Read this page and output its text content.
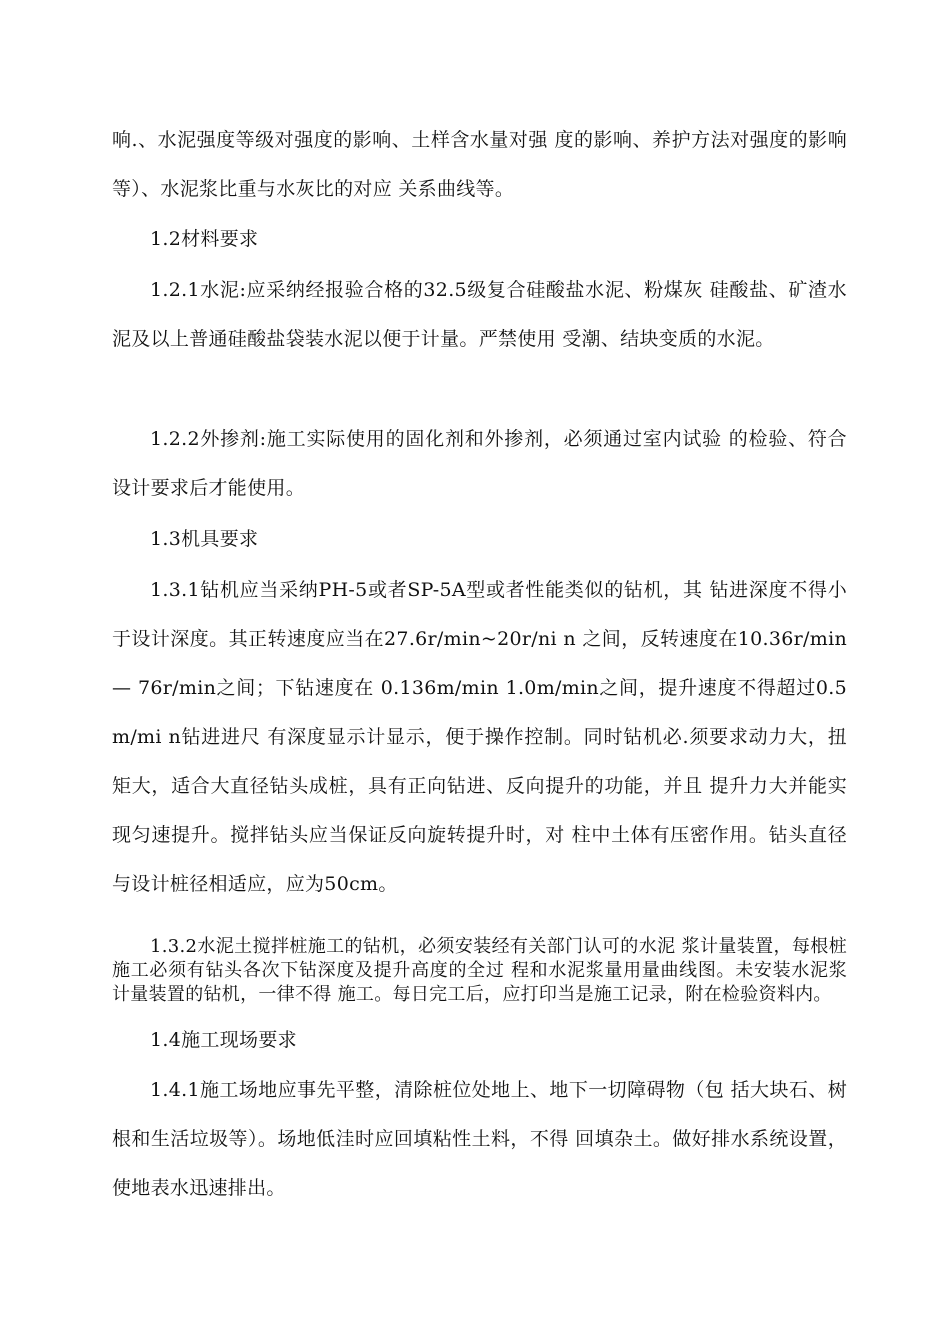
响.、水泥强度等级对强度的影响、土样含水量对强 度的影响、养护方法对强度的影响等）、水泥浆比重与水灰比的对应 关系曲线等。

1.2材料要求

1.2.1水泥:应采纳经报验合格的32.5级复合硅酸盐水泥、粉煤灰 硅酸盐、矿渣水泥及以上普通硅酸盐袋装水泥以便于计量。严禁使用 受潮、结块变质的水泥。

1.2.2外掺剂:施工实际使用的固化剂和外掺剂，必须通过室内试验 的检验、符合设计要求后才能使用。

1.3机具要求

1.3.1钻机应当采纳PH-5或者SP-5A型或者性能类似的钻机，其 钻进深度不得小于设计深度。其正转速度应当在27.6r/min~20r/ni n 之间，反转速度在10.36r/min — 76r/min之间；下钻速度在 0.136m/min 1.0m/min之间，提升速度不得超过0.5m/mi n钻进进尺 有深度显示计显示，便于操作控制。同时钻机必.须要求动力大，扭 矩大，适合大直径钻头成桩，具有正向钻进、反向提升的功能，并且 提升力大并能实现匀速提升。搅拌钻头应当保证反向旋转提升时，对 柱中土体有压密作用。钻头直径与设计桩径相适应，应为50cm。

1.3.2水泥土搅拌桩施工的钻机，必须安装经有关部门认可的水泥 浆计量装置，每根桩施工必须有钻头各次下钻深度及提升高度的全过 程和水泥浆量用量曲线图。未安装水泥浆计量装置的钻机，一律不得 施工。每日完工后，应打印当是施工记录，附在检验资料内。

1.4施工现场要求

1.4.1施工场地应事先平整，清除桩位处地上、地下一切障碍物（包 括大块石、树根和生活垃圾等）。场地低洼时应回填粘性土料，不得 回填杂土。做好排水系统设置，使地表水迅速排出。
